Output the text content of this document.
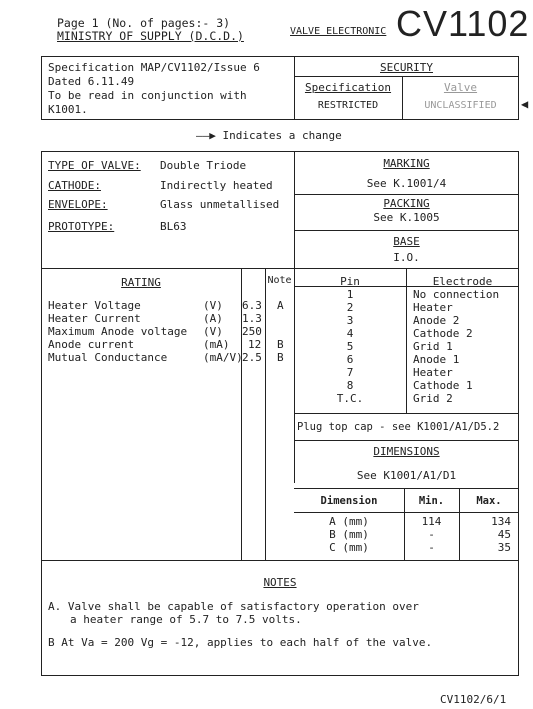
Page 1 (No. of pages:- 3)
MINISTRY OF SUPPLY (D.C.D.)	VALVE ELECTRONIC CV1102
Specification MAP/CV1102/Issue 6
Dated 6.11.49
To be read in conjunction with
K1001.
SECURITY
Specification
RESTRICTED
Valve
UNCLASSIFIED	◀
——▶ Indicates a change
TYPE OF VALVE: Double Triode
CATHODE:	Indirectly heated
ENVELOPE:	Glass unmetallised
PROTOTYPE:	BL63
MARKING
See K.1001/4
PACKING
See K.1005
BASE
I.O.
RATING	Note
Heater Voltage	(V) 6.3 A
Heater Current	(A) 1.3
Maximum Anode voltage (V) 250
Anode current	(mA) 12 B
Mutual Conductance	(mA/V) 2.5 B
Pin	Electrode
1	No connection
2	Heater
3	Anode 2
4	Cathode 2
5	Grid 1
6	Anode 1
7	Heater
8	Cathode 1
T.C.	Grid 2
Plug top cap - see K1001/A1/D5.2
DIMENSIONS
See K1001/A1/D1
Dimension	Min.	Max.
A (mm)	114	134
B (mm)	-	45
C (mm)	-	35
NOTES
A. Valve shall be capable of satisfactory operation over
a heater range of 5.7 to 7.5 volts.
B At Va = 200 Vg = -12, applies to each half of the valve.
CV1102/6/1
